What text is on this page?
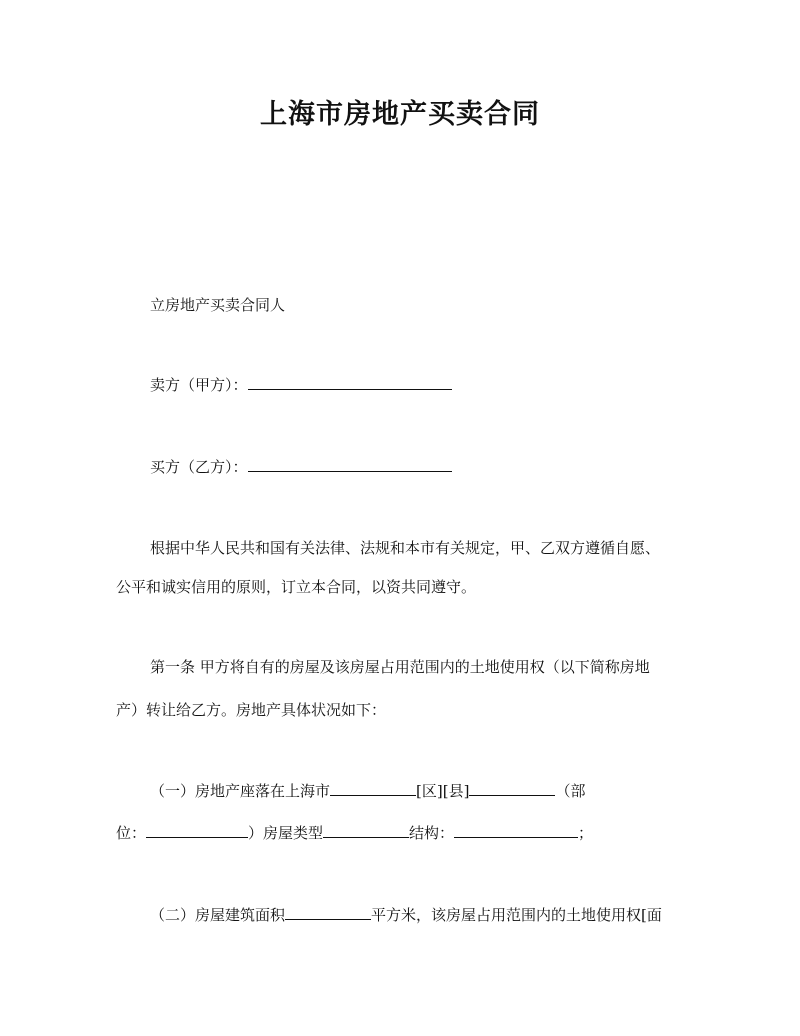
上海市房地产买卖合同
立房地产买卖合同人
卖方（甲方）：
买方（乙方）：
根据中华人民共和国有关法律、法规和本市有关规定，甲、乙双方遵循自愿、
公平和诚实信用的原则，订立本合同，以资共同遵守。
第一条 甲方将自有的房屋及该房屋占用范围内的土地使用权（以下简称房地
产）转让给乙方。房地产具体状况如下：
（一）房地产座落在上海市	[区][县]	（部
位：	）房屋类型	结构：	；
（二）房屋建筑面积	平方米，该房屋占用范围内的土地使用权[面
